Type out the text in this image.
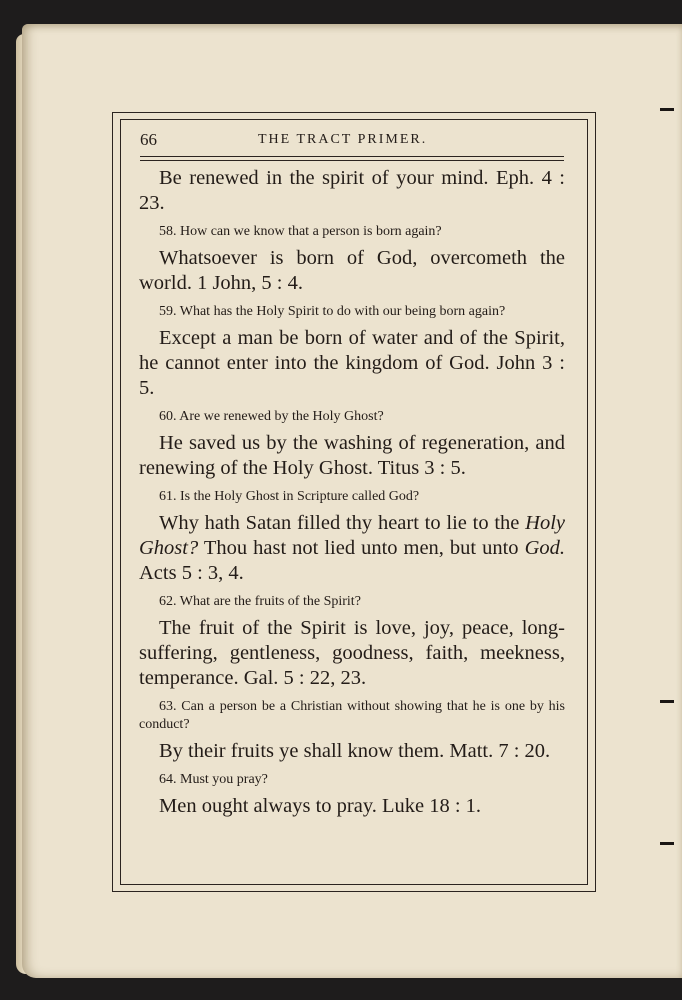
66	THE TRACT PRIMER.

Be renewed in the spirit of your mind. Eph. 4 : 23.

58. How can we know that a person is born again?

Whatsoever is born of God, overcometh the world. 1 John, 5 : 4.

59. What has the Holy Spirit to do with our being born again?

Except a man be born of water and of the Spirit, he cannot enter into the kingdom of God. John 3 : 5.

60. Are we renewed by the Holy Ghost?

He saved us by the washing of regeneration, and renewing of the Holy Ghost. Titus 3 : 5.

61. Is the Holy Ghost in Scripture called God?

Why hath Satan filled thy heart to lie to the Holy Ghost? Thou hast not lied unto men, but unto God. Acts 5 : 3, 4.

62. What are the fruits of the Spirit?

The fruit of the Spirit is love, joy, peace, long-suffering, gentleness, goodness, faith, meekness, temperance. Gal. 5 : 22, 23.

63. Can a person be a Christian without showing that he is one by his conduct?

By their fruits ye shall know them. Matt. 7 : 20.

64. Must you pray?

Men ought always to pray. Luke 18 : 1.
